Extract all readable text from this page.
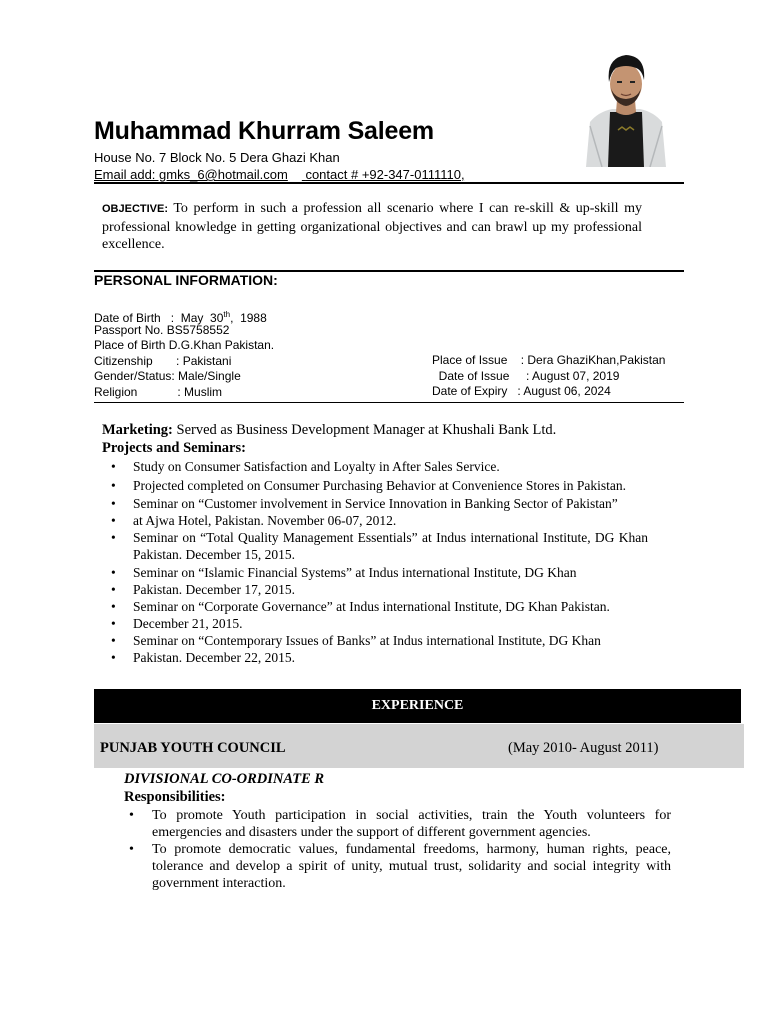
Muhammad Khurram Saleem
House No. 7 Block No. 5 Dera Ghazi Khan
Email add: gmks_6@hotmail.com contact # +92-347-0111110,
OBJECTIVE: To perform in such a profession all scenario where I can re-skill & up-skill my professional knowledge in getting organizational objectives and can brawl up my professional excellence.
PERSONAL INFORMATION:
Date of Birth   :  May  30th,  1988
Passport No. BS5758552
Place of Birth D.G.Khan Pakistan.
Citizenship       : Pakistani
Gender/Status: Male/Single
Religion            : Muslim
Place of Issue    : Dera GhaziKhan,Pakistan
Date of Issue     : August 07, 2019
Date of Expiry   : August 06, 2024
Marketing: Served as Business Development Manager at Khushali Bank Ltd.
Projects and Seminars:
• Study on Consumer Satisfaction and Loyalty in After Sales Service.
• Projected completed on Consumer Purchasing Behavior at Convenience Stores in Pakistan.
• Seminar on “Customer involvement in Service Innovation in Banking Sector of Pakistan”
• at Ajwa Hotel, Pakistan. November 06-07, 2012.
• Seminar on “Total Quality Management Essentials” at Indus international Institute, DG Khan Pakistan. December 15, 2015.
• Seminar on “Islamic Financial Systems” at Indus international Institute, DG Khan
• Pakistan. December 17, 2015.
• Seminar on “Corporate Governance” at Indus international Institute, DG Khan Pakistan.
• December 21, 2015.
• Seminar on “Contemporary Issues of Banks” at Indus international Institute, DG Khan
• Pakistan. December 22, 2015.
EXPERIENCE
PUNJAB YOUTH COUNCIL	(May 2010- August 2011)
DIVISIONAL CO-ORDINATE R
Responsibilities:
• To promote Youth participation in social activities, train the Youth volunteers for emergencies and disasters under the support of different government agencies.
• To promote democratic values, fundamental freedoms, harmony, human rights, peace, tolerance and develop a spirit of unity, mutual trust, solidarity and social integrity with government interaction.
